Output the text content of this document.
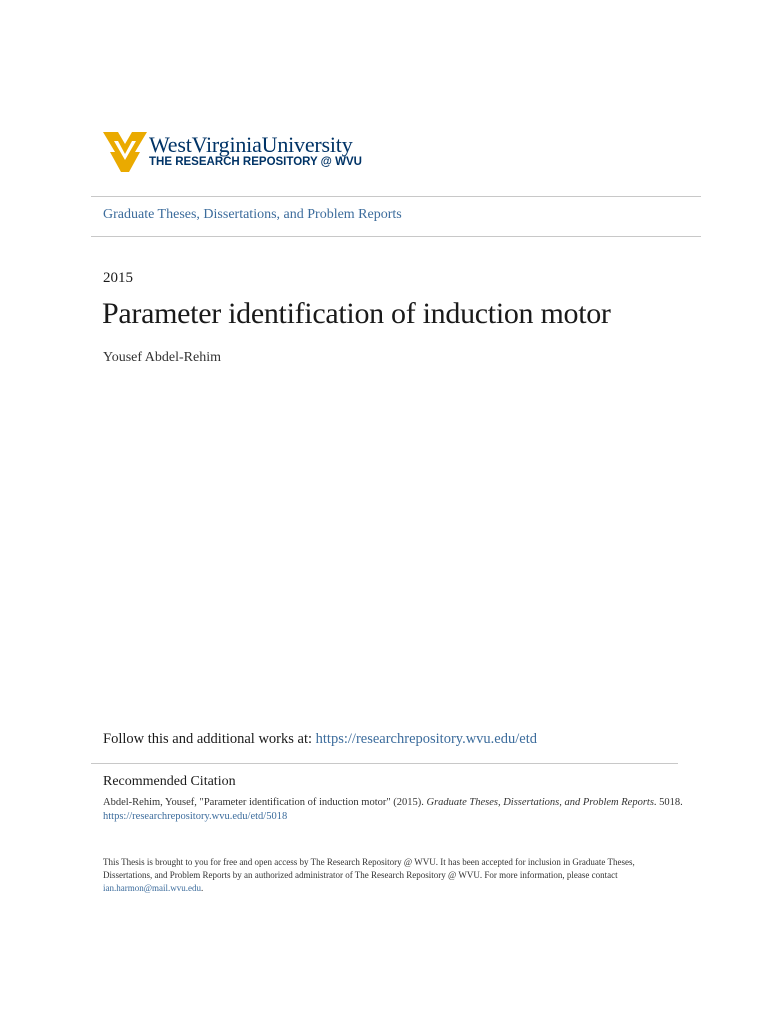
WestVirginiaUniversity
THE RESEARCH REPOSITORY @ WVU
Graduate Theses, Dissertations, and Problem Reports
2015
Parameter identification of induction motor
Yousef Abdel-Rehim
Follow this and additional works at: https://researchrepository.wvu.edu/etd
Recommended Citation
Abdel-Rehim, Yousef, "Parameter identification of induction motor" (2015). Graduate Theses, Dissertations, and Problem Reports. 5018.
https://researchrepository.wvu.edu/etd/5018
This Thesis is brought to you for free and open access by The Research Repository @ WVU. It has been accepted for inclusion in Graduate Theses,
Dissertations, and Problem Reports by an authorized administrator of The Research Repository @ WVU. For more information, please contact
ian.harmon@mail.wvu.edu.
